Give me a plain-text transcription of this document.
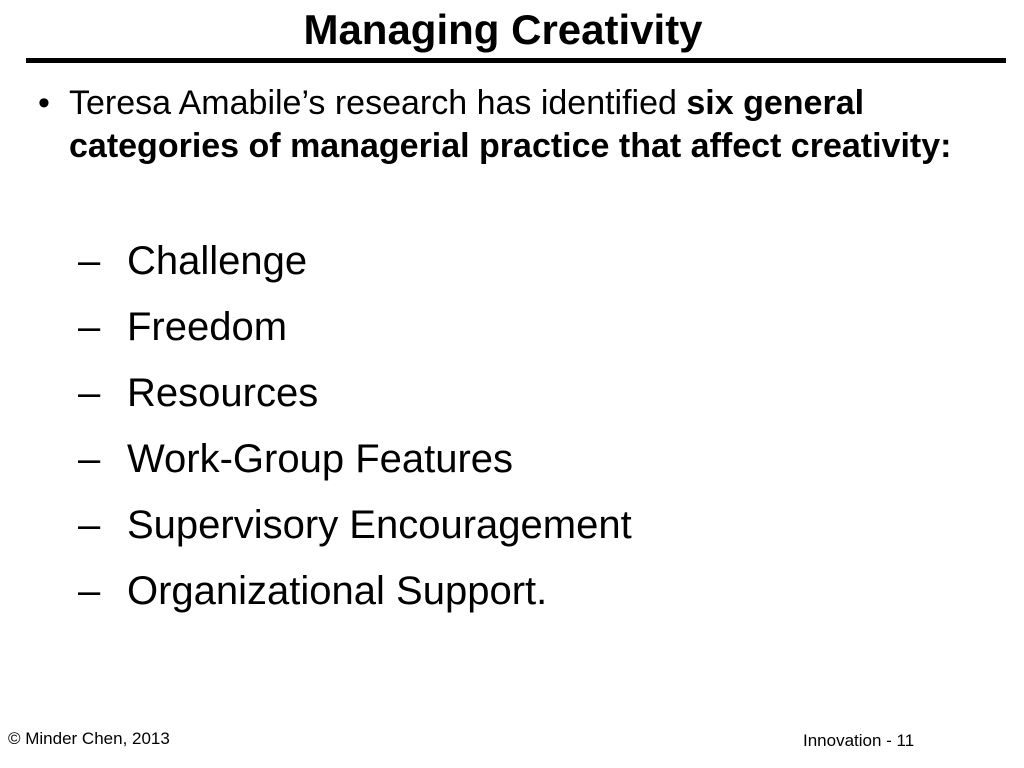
Managing Creativity
• Teresa Amabile’s research has identified six general categories of managerial practice that affect creativity:
– Challenge
– Freedom
– Resources
– Work-Group Features
– Supervisory Encouragement
– Organizational Support.
© Minder Chen, 2013	Innovation - 11
